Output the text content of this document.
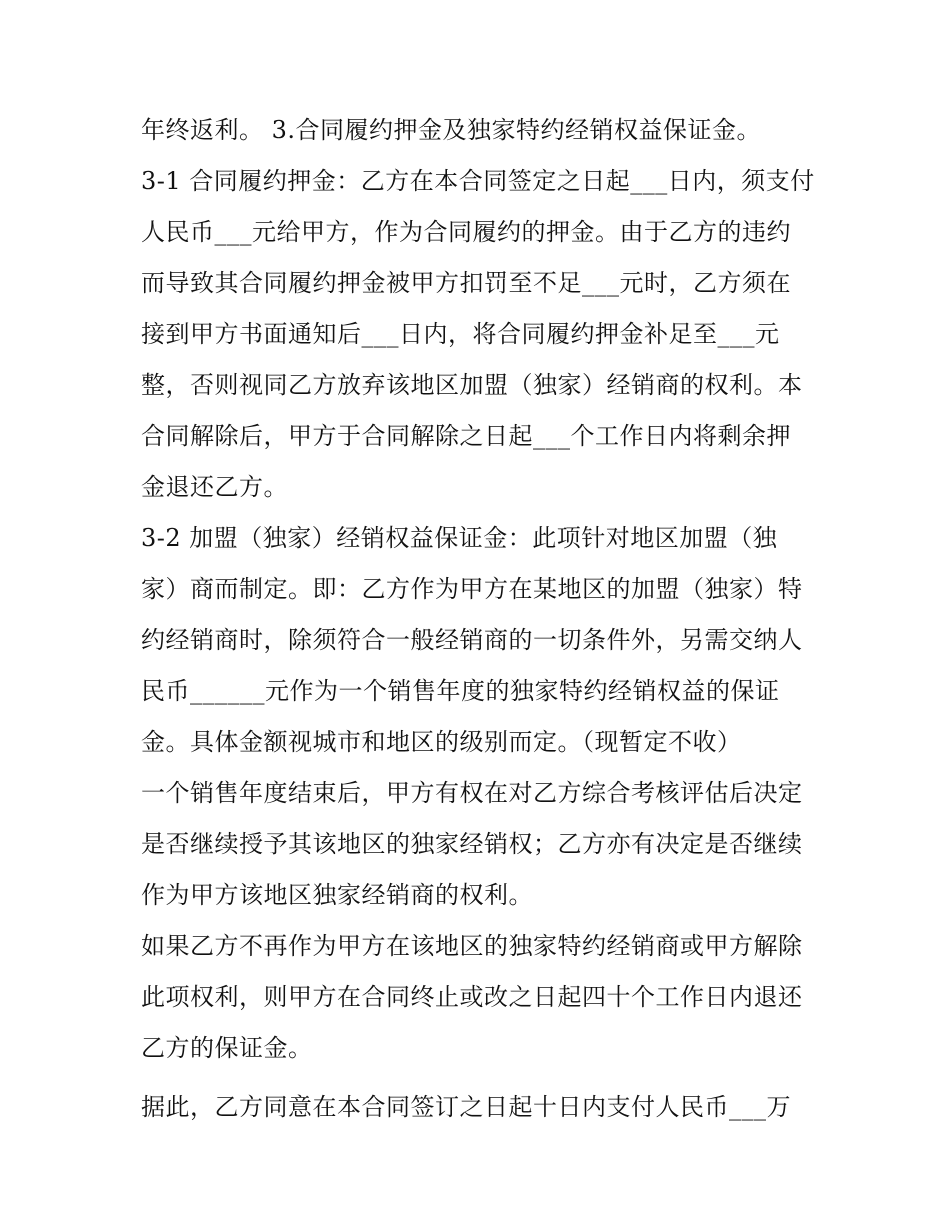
年终返利。 3.合同履约押金及独家特约经销权益保证金。
3-1 合同履约押金：乙方在本合同签定之日起___日内，须支付
人民币___元给甲方，作为合同履约的押金。由于乙方的违约
而导致其合同履约押金被甲方扣罚至不足___元时，乙方须在
接到甲方书面通知后___日内，将合同履约押金补足至___元
整，否则视同乙方放弃该地区加盟（独家）经销商的权利。本
合同解除后，甲方于合同解除之日起___个工作日内将剩余押
金退还乙方。
3-2 加盟（独家）经销权益保证金：此项针对地区加盟（独
家）商而制定。即：乙方作为甲方在某地区的加盟（独家）特
约经销商时，除须符合一般经销商的一切条件外，另需交纳人
民币______元作为一个销售年度的独家特约经销权益的保证
金。具体金额视城市和地区的级别而定。（现暂定不收）
一个销售年度结束后，甲方有权在对乙方综合考核评估后决定
是否继续授予其该地区的独家经销权；乙方亦有决定是否继续
作为甲方该地区独家经销商的权利。
如果乙方不再作为甲方在该地区的独家特约经销商或甲方解除
此项权利，则甲方在合同终止或改之日起四十个工作日内退还
乙方的保证金。
据此，乙方同意在本合同签订之日起十日内支付人民币___万
